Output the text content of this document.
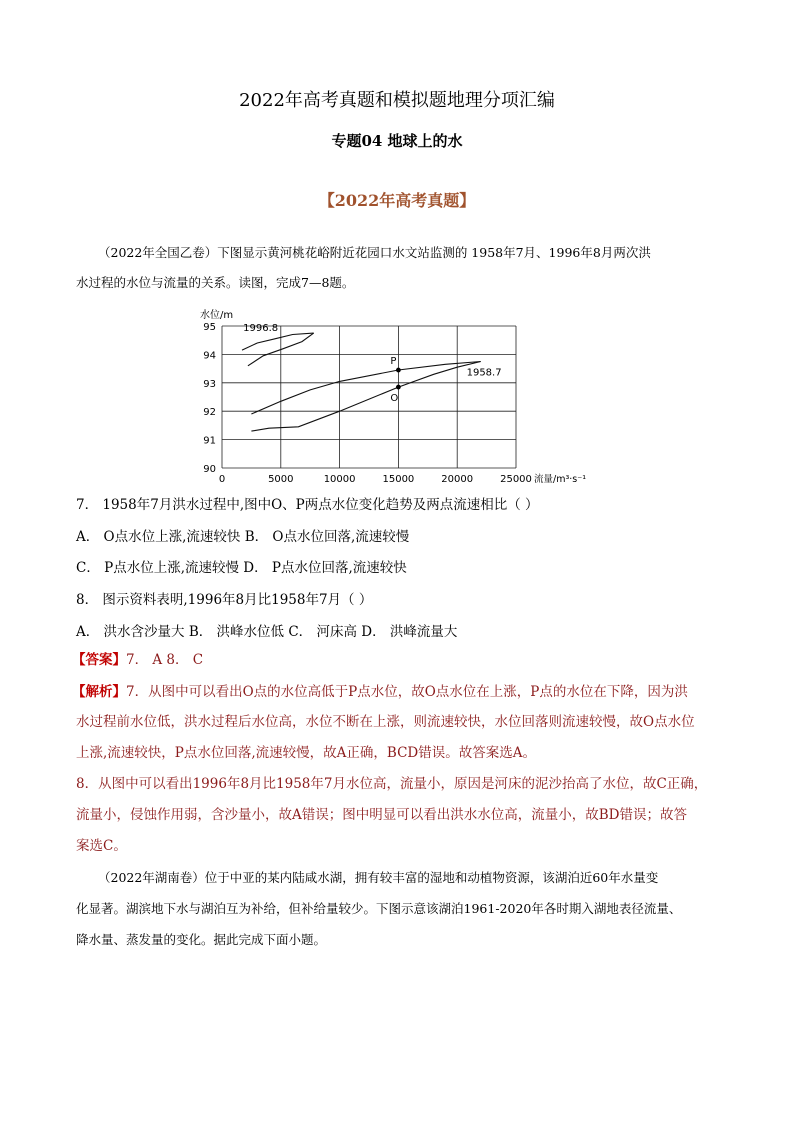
2022年高考真题和模拟题地理分项汇编
专题04 地球上的水
【2022年高考真题】
（2022年全国乙卷）下图显示黄河桃花峪附近花园口水文站监测的 1958年7月、1996年8月两次洪
水过程的水位与流量的关系。读图，完成7—8题。
0	5000	10000	15000	20000	25000
90
91
92
93
94
95
水位/m
流量/m³·s⁻¹
1996.8
1958.7
P
O
7． 1958年7月洪水过程中,图中O、P两点水位变化趋势及两点流速相比（ ）
A． O点水位上涨,流速较快 B． O点水位回落,流速较慢
C． P点水位上涨,流速较慢 D． P点水位回落,流速较快
8． 图示资料表明,1996年8月比1958年7月（ ）
A． 洪水含沙量大 B． 洪峰水位低 C． 河床高 D． 洪峰流量大
【答案】7． A 8． C
【解析】7．从图中可以看出O点的水位高低于P点水位，故O点水位在上涨，P点的水位在下降，因为洪
水过程前水位低，洪水过程后水位高，水位不断在上涨，则流速较快，水位回落则流速较慢，故O点水位
上涨,流速较快，P点水位回落,流速较慢，故A正确，BCD错误。故答案选A。
8．从图中可以看出1996年8月比1958年7月水位高，流量小，原因是河床的泥沙抬高了水位，故C正确，
流量小，侵蚀作用弱，含沙量小，故A错误；图中明显可以看出洪水水位高，流量小，故BD错误；故答
案选C。
（2022年湖南卷）位于中亚的某内陆咸水湖，拥有较丰富的湿地和动植物资源，该湖泊近60年水量变
化显著。湖滨地下水与湖泊互为补给，但补给量较少。下图示意该湖泊1961-2020年各时期入湖地表径流量、
降水量、蒸发量的变化。据此完成下面小题。
